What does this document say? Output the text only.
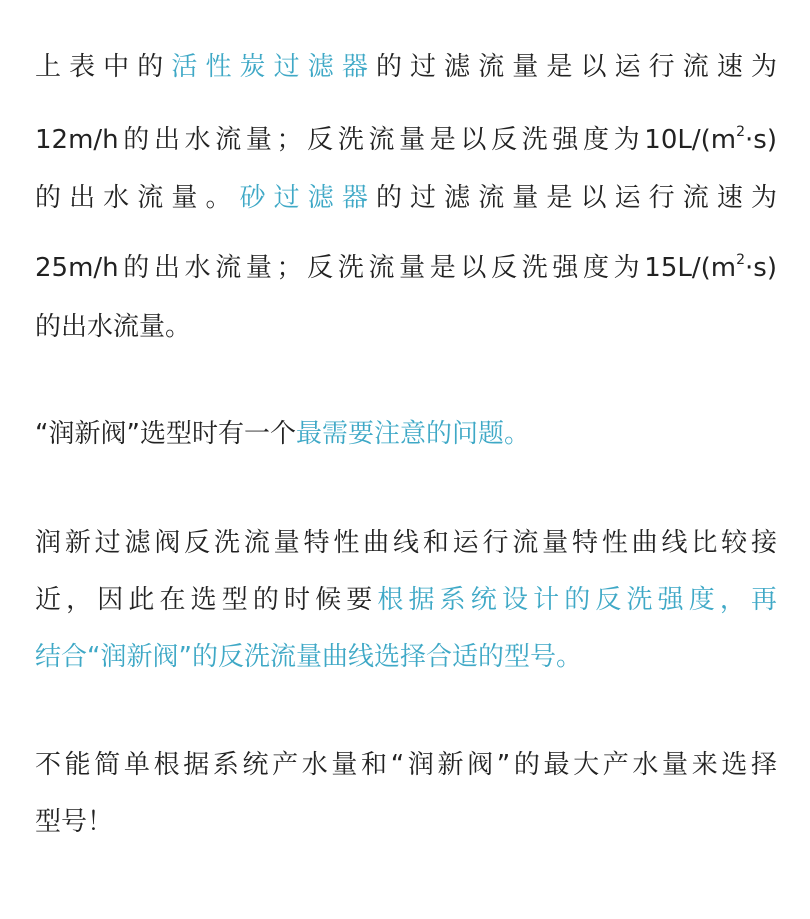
上表中的活性炭过滤器的过滤流量是以运行流速为
12m/h的出水流量；反洗流量是以反洗强度为$10L/(m^2\cdot s)$
的出水流量。砂过滤器的过滤流量是以运行流速为
25m/h的出水流量；反洗流量是以反洗强度为$15L/(m^2\cdot s)$
的出水流量。
“润新阀”选型时有一个最需要注意的问题。
润新过滤阀反洗流量特性曲线和运行流量特性曲线比较接
近，因此在选型的时候要根据系统设计的反洗强度，再
结合“润新阀”的反洗流量曲线选择合适的型号。
不能简单根据系统产水量和“润新阀”的最大产水量来选择
型号！
